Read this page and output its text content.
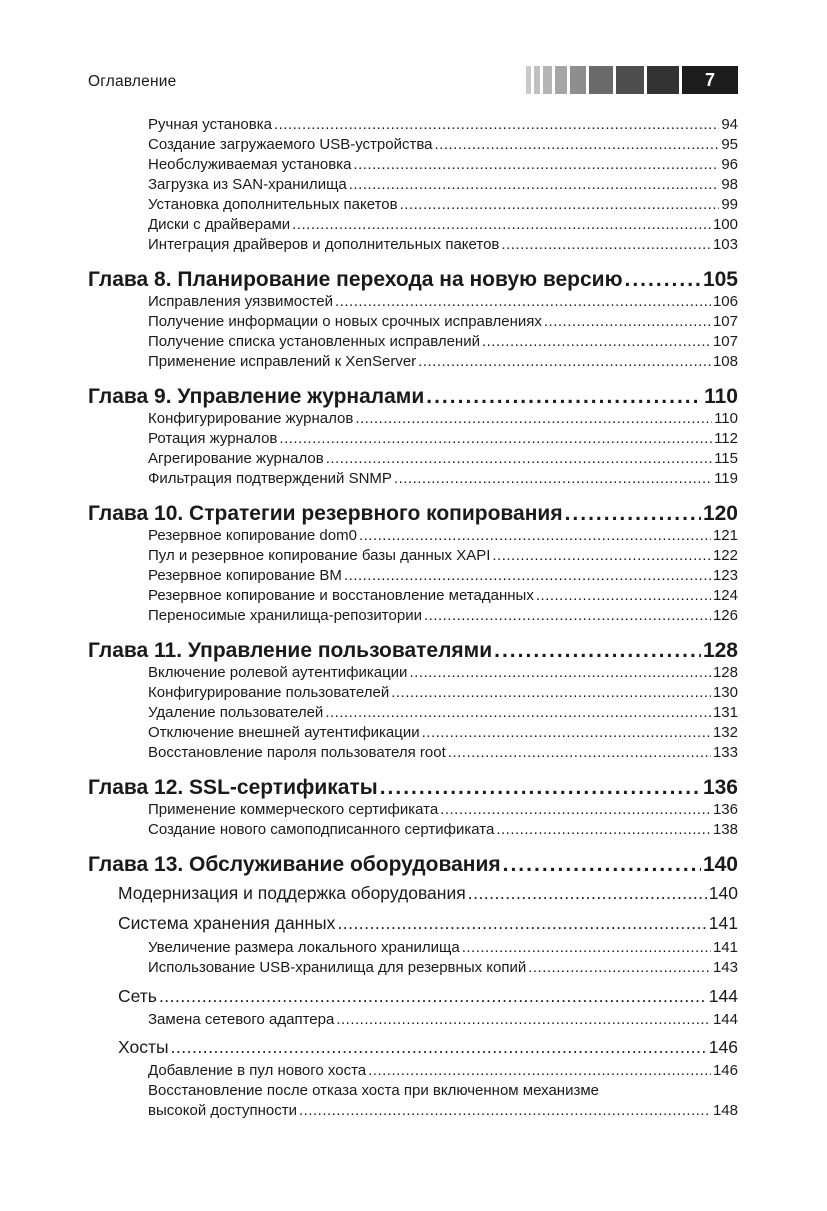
Оглавление	7
Ручная установка .....	94
Создание загружаемого USB-устройства .....	95
Необслуживаемая установка .....	96
Загрузка из SAN-хранилища .....	98
Установка дополнительных пакетов .....	99
Диски с драйверами .....	100
Интеграция драйверов и дополнительных пакетов .....	103
Глава 8. Планирование перехода на новую версию .....	105
Исправления уязвимостей .....	106
Получение информации о новых срочных исправлениях .....	107
Получение списка установленных исправлений .....	107
Применение исправлений к XenServer .....	108
Глава 9. Управление журналами .....	110
Конфигурирование журналов .....	110
Ротация журналов .....	112
Агрегирование журналов .....	115
Фильтрация подтверждений SNMP .....	119
Глава 10. Стратегии резервного копирования .....	120
Резервное копирование dom0 .....	121
Пул и резервное копирование базы данных XAPI .....	122
Резервное копирование ВМ .....	123
Резервное копирование и восстановление метаданных .....	124
Переносимые хранилища-репозитории .....	126
Глава 11. Управление пользователями .....	128
Включение ролевой аутентификации .....	128
Конфигурирование пользователей .....	130
Удаление пользователей .....	131
Отключение внешней аутентификации .....	132
Восстановление пароля пользователя root .....	133
Глава 12. SSL-сертификаты .....	136
Применение коммерческого сертификата .....	136
Создание нового самоподписанного сертификата .....	138
Глава 13. Обслуживание оборудования .....	140
Модернизация и поддержка оборудования .....	140
Система хранения данных .....	141
Увеличение размера локального хранилища .....	141
Использование USB-хранилища для резервных копий .....	143
Сеть .....	144
Замена сетевого адаптера .....	144
Хосты .....	146
Добавление в пул нового хоста .....	146
Восстановление после отказа хоста при включенном механизме
высокой доступности .....	148
